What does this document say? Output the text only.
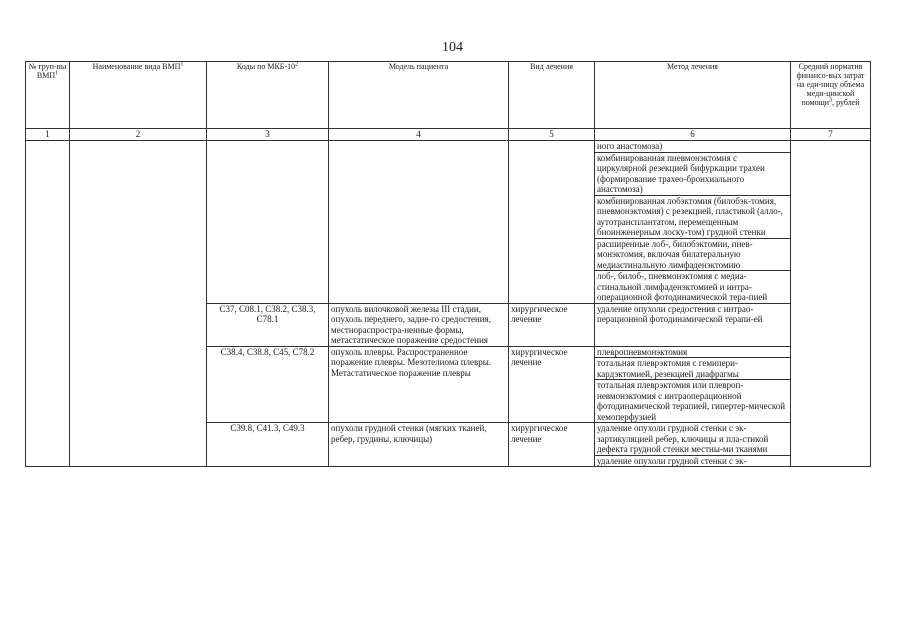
104
№ груп-пы ВМП$^1$	Наименование вида ВМП$^1$	Коды по МКБ-$10^2$	Модель пациента	Вид лечения	Метод лечения	Средний норматив финансо-вых затрат на еди-ницу объема меди-цинской помощи$^3$, рублей
1	2	3	4	5	6	7
					ного анастомоза)	
					комбинированная пневмонэктомия с циркулярной резекцией бифуркации трахеи (формирование трахео-бронхиального анастомоза)	
					комбинированная лобэктомия (билобэк-томия, пневмонэктомия) с резекцией, пластикой (алло-, аутотрансплантатом, перемещенным биоинженерным лоску-том) грудной стенки	
					расширенные лоб-, билобэктомии, пнев-монэктомия, включая билатеральную медиастинальную лимфаденэктомию	
					лоб-, билоб-, пневмонэктомия с медиа-стинальной лимфаденэктомией и интра-операционной фотодинамической тера-пией	
		C37, C08.1, C38.2, C38.3, C78.1	опухоль вилочковой железы III стадии, опухоль переднего, задне-го средостения, местнораспростра-ненные формы, метастатическое поражение средостения	хирургическое лечение	удаление опухоли средостения с интрао-перационной фотодинамической терапи-ей	
		C38.4, C38.8, C45, C78.2	опухоль плевры. Распространенное поражение плевры. Мезотелиома плевры. Метастатическое поражение плевры	хирургическое лечение	плевропневмонэктомия	
					тотальная плеврэктомия с гемипери-кардэктомией, резекцией диафрагмы	
					тотальная плеврэктомия или плевроп-невмонэктомия с интраоперационной фотодинамической терапией, гипертер-мической хемоперфузией	
		C39.8, C41.3, C49.3	опухоли грудной стенки (мягких тканей, ребер, грудины, ключицы)	хирургическое лечение	удаление опухоли грудной стенки с эк-зартикуляцией ребер, ключицы и пла-стикой дефекта грудной стенки местны-ми тканями	
					удаление опухоли грудной стенки с эк-	
